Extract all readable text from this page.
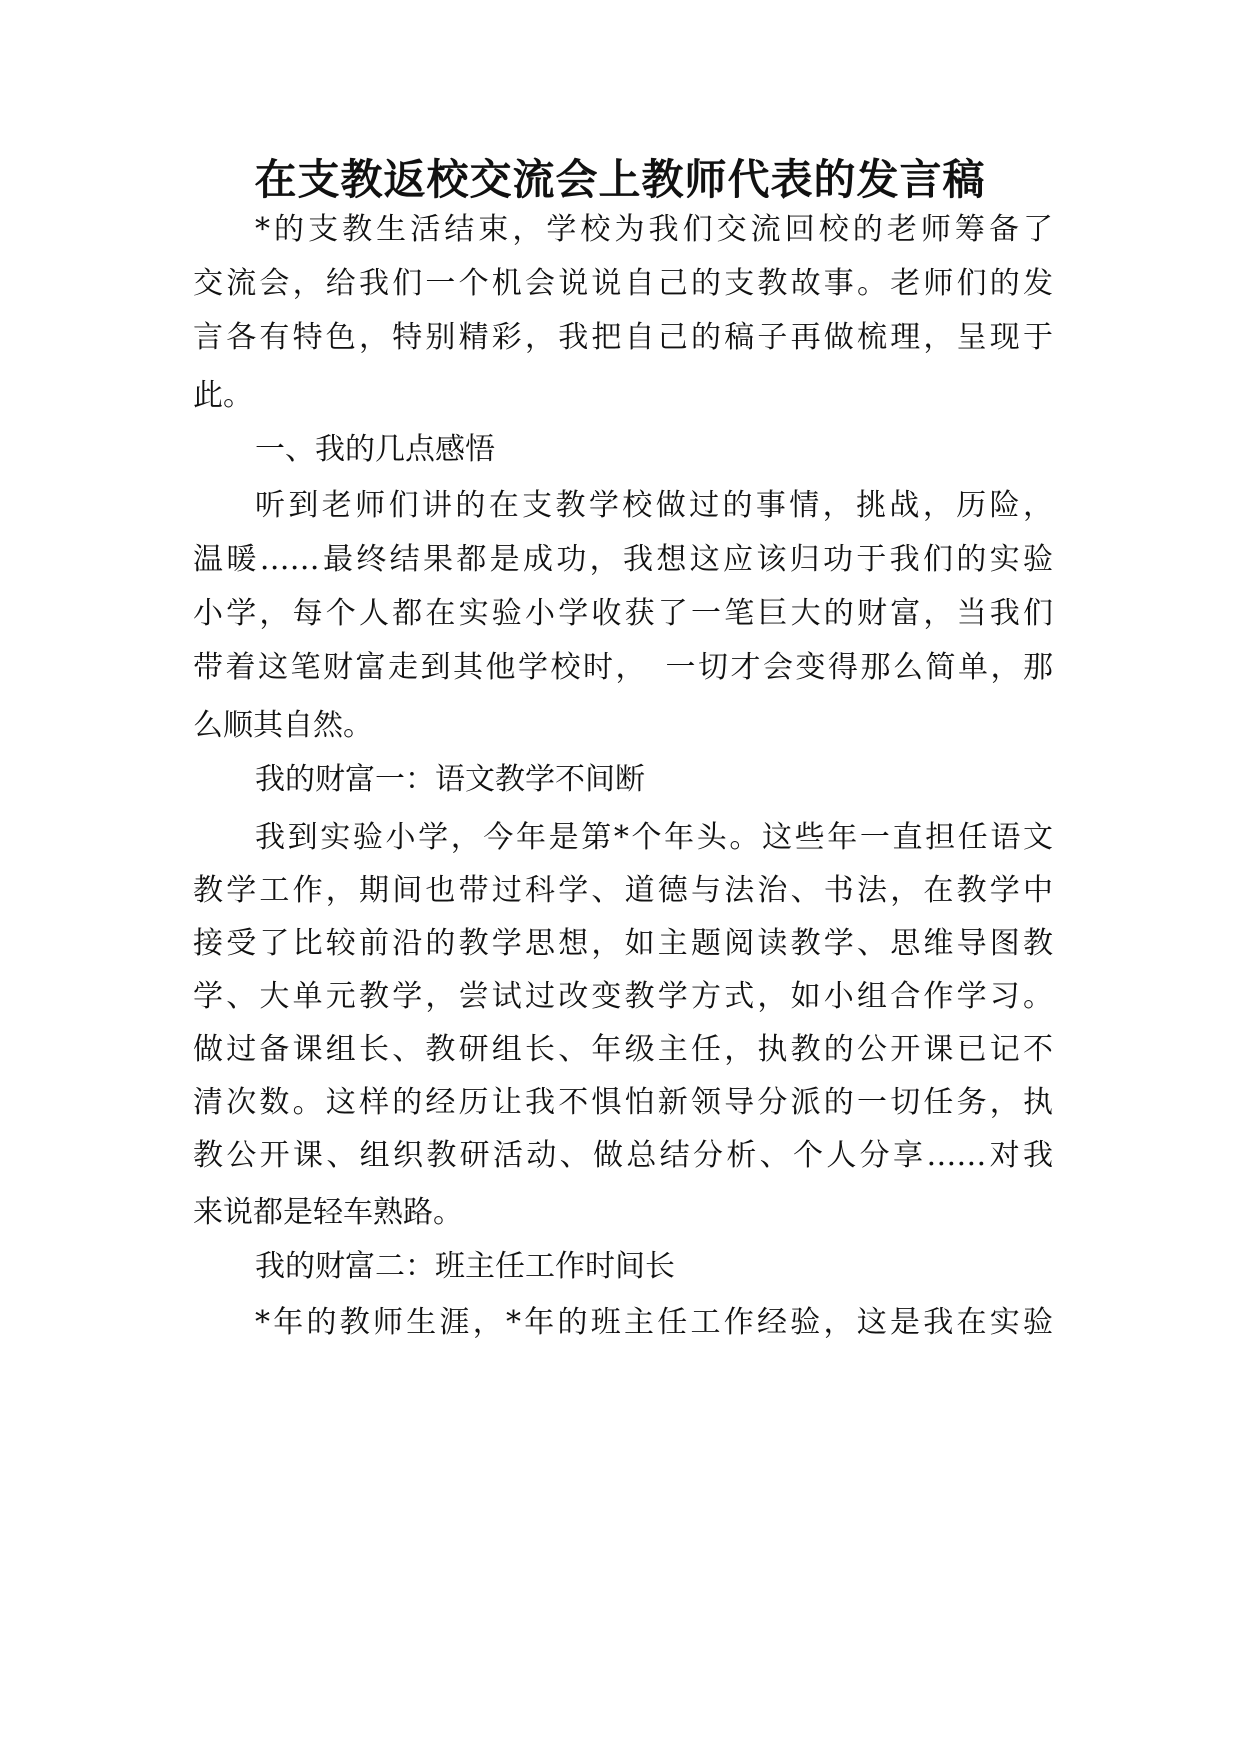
在支教返校交流会上教师代表的发言稿
*的支教生活结束，学校为我们交流回校的老师筹备了
交流会，给我们一个机会说说自己的支教故事。老师们的发
言各有特色，特别精彩，我把自己的稿子再做梳理，呈现于
此。
一、我的几点感悟
听到老师们讲的在支教学校做过的事情，挑战，历险，
温暖……最终结果都是成功，我想这应该归功于我们的实验
小学，每个人都在实验小学收获了一笔巨大的财富，当我们
带着这笔财富走到其他学校时，　一切才会变得那么简单，那
么顺其自然。
我的财富一：语文教学不间断
我到实验小学，今年是第*个年头。这些年一直担任语文
教学工作，期间也带过科学、道德与法治、书法，在教学中
接受了比较前沿的教学思想，如主题阅读教学、思维导图教
学、大单元教学，尝试过改变教学方式，如小组合作学习。
做过备课组长、教研组长、年级主任，执教的公开课已记不
清次数。这样的经历让我不惧怕新领导分派的一切任务，执
教公开课、组织教研活动、做总结分析、个人分享……对我
来说都是轻车熟路。
我的财富二：班主任工作时间长
*年的教师生涯，*年的班主任工作经验，这是我在实验
